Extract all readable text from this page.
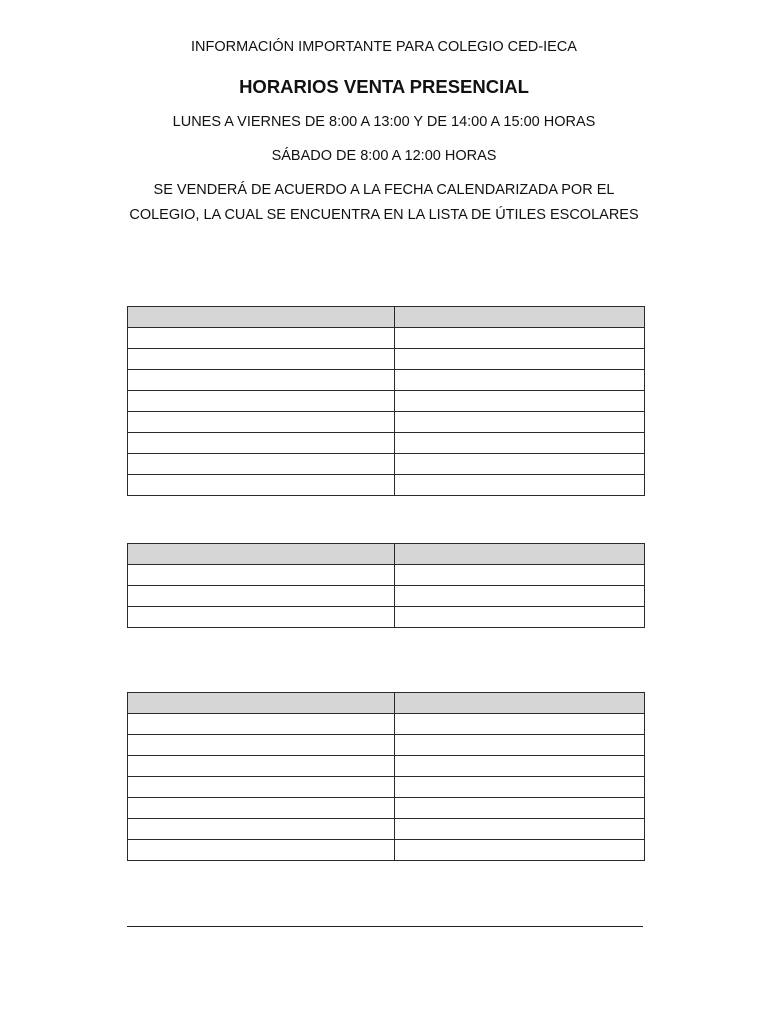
INFORMACIÓN IMPORTANTE PARA COLEGIO CED-IECA
HORARIOS VENTA PRESENCIAL
LUNES A VIERNES DE 8:00 A 13:00 Y DE 14:00 A 15:00 HORAS
SÁBADO DE 8:00 A 12:00 HORAS
SE VENDERÁ DE ACUERDO A LA FECHA CALENDARIZADA POR EL
COLEGIO, LA CUAL SE ENCUENTRA EN LA LISTA DE ÚTILES ESCOLARES
